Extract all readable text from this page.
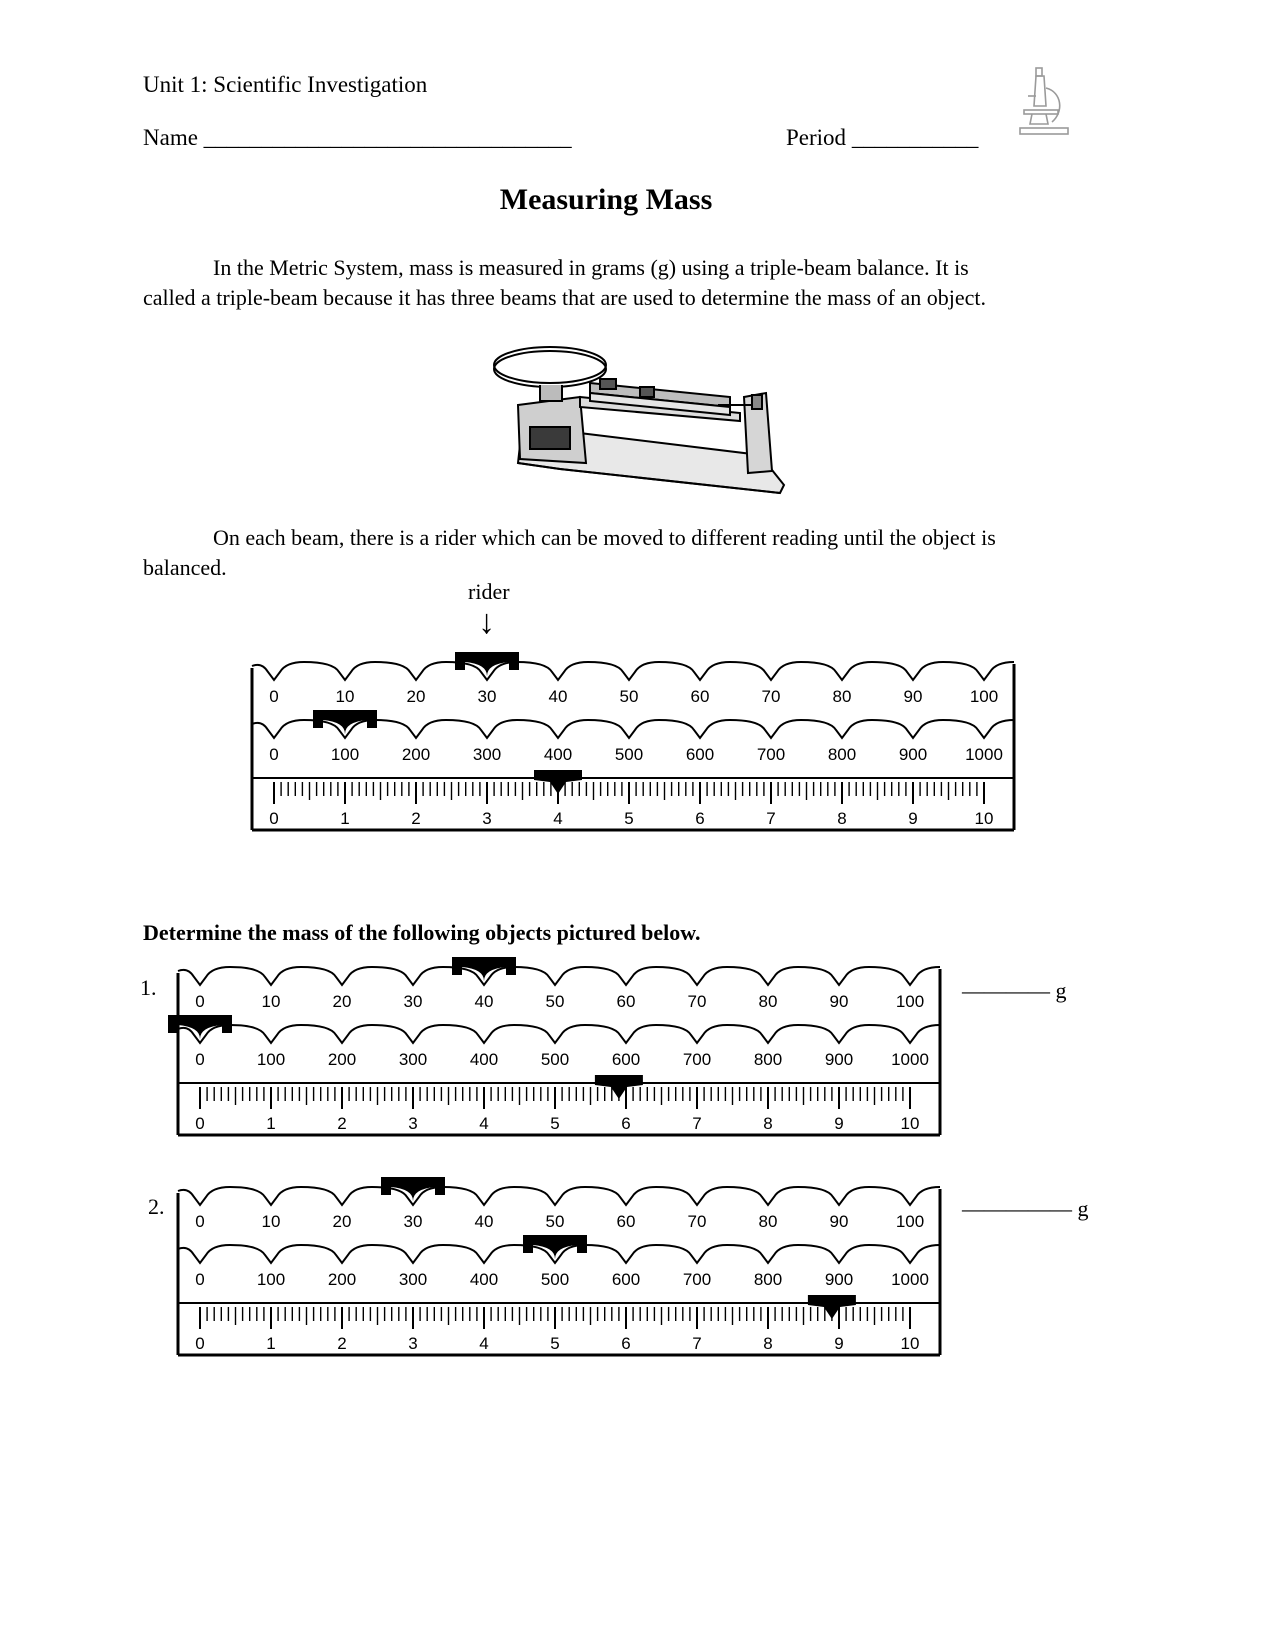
Unit 1: Scientific Investigation
Name ________________________________	Period ___________
Measuring Mass
In the Metric System, mass is measured in grams (g) using a triple-beam balance. It is
called a triple-beam because it has three beams that are used to determine the mass of an object.
On each beam, there is a rider which can be moved to different reading until the object is
balanced.
rider
↓
0	10	20	30	40	50	60	70	80	90	100
0	100	200	300	400	500	600	700	800	900 1000
0	1	2	3	4	5	6	7	8	9	10
Determine the mass of the following objects pictured below.
1.
0	10	20	30	40	50	60	70	80	90	100
0	100	200	300	400	500	600	700	800	900 1000
0	1	2	3	4	5	6	7	8	9	10
———— g
2.
0	10	20	30	40	50	60	70	80	90	100
0	100	200	300	400	500	600	700	800	900 1000
0	1	2	3	4	5	6	7	8	9	10
————— g
